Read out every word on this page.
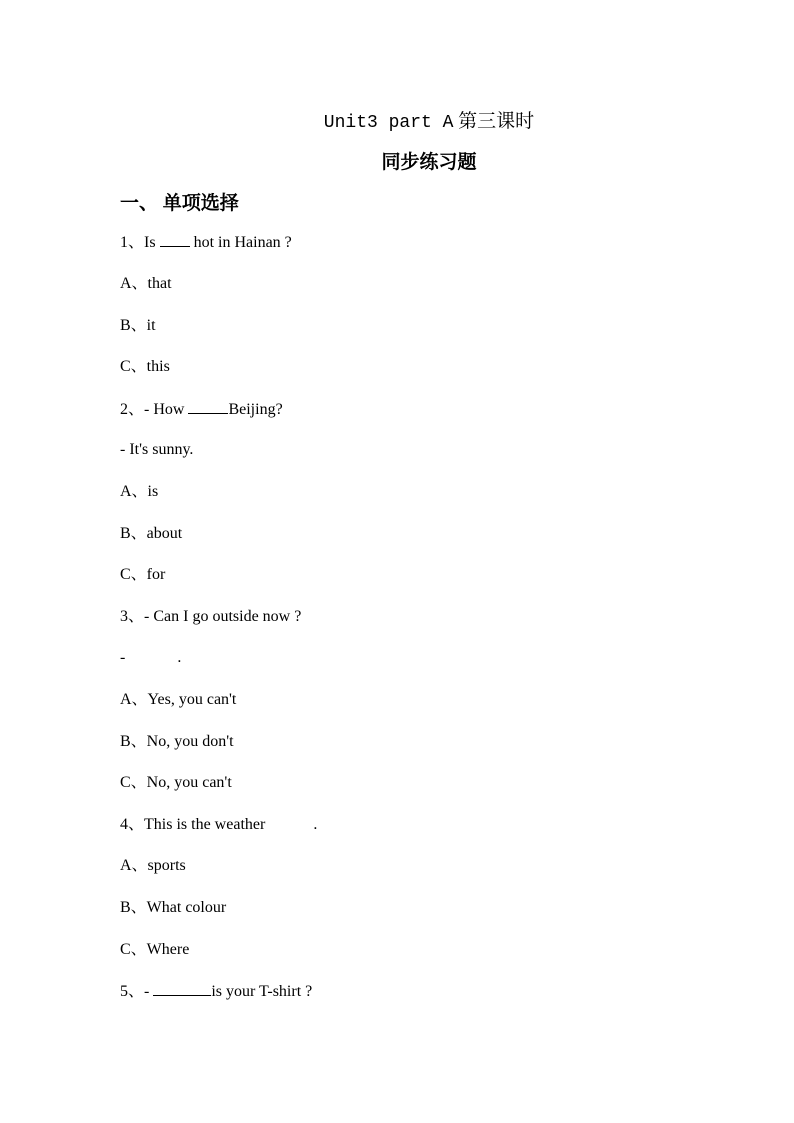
Unit3 part A 第三课时
同步练习题
一、 单项选择
1、Is hot in Hainan ?
A、that
B、it
C、this
2、- How	Beijing?
- It's sunny.
A、is
B、about
C、for
3、- Can I go outside now ?
-	.
A、Yes, you can't
B、No, you don't
C、No, you can't
4、This is the weather	.
A、sports
B、What colour
C、Where
5、-	is your T-shirt ?
